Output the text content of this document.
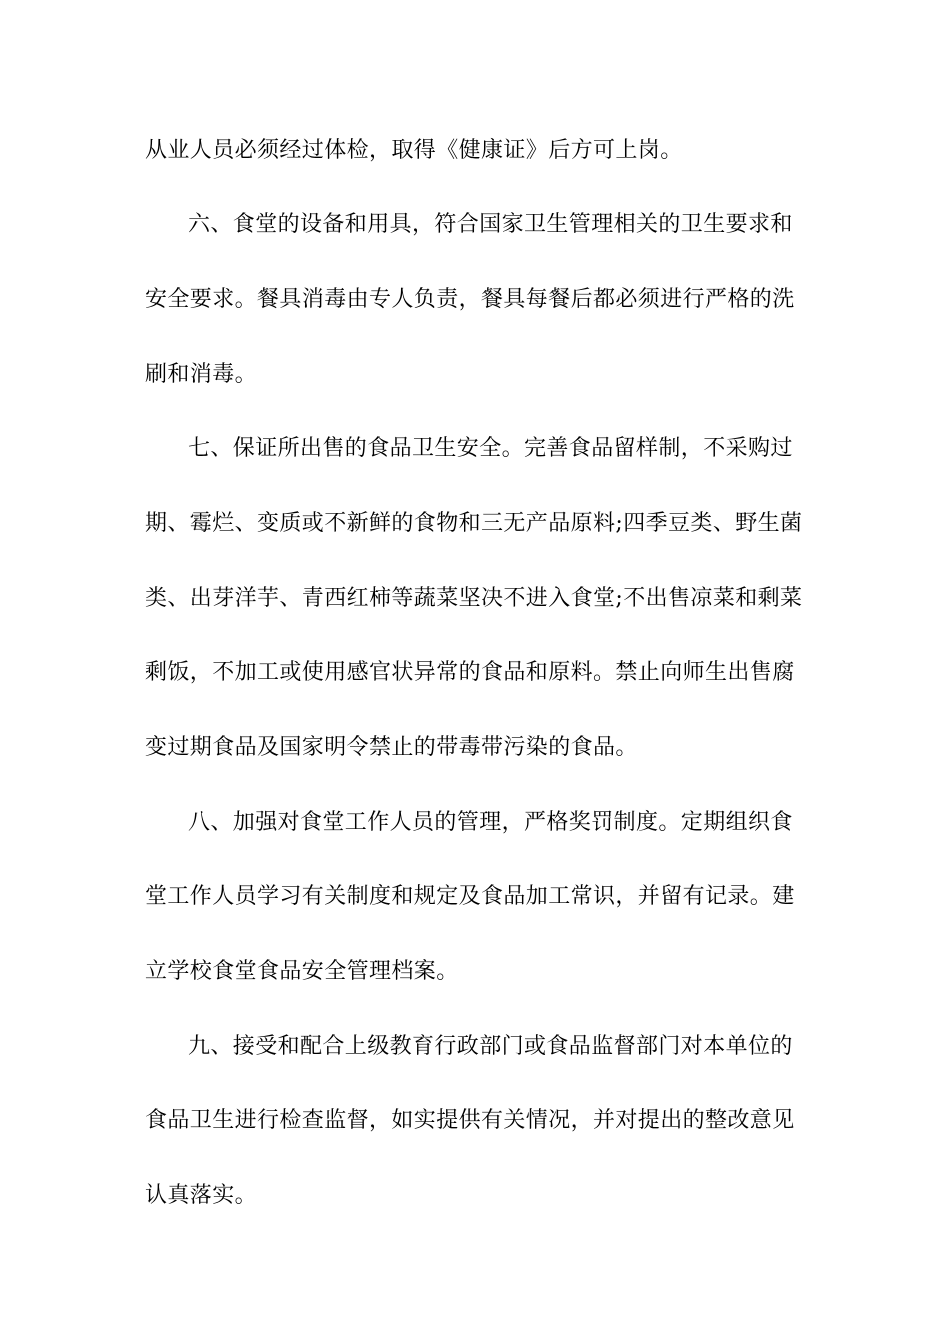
从业人员必须经过体检，取得《健康证》后方可上岗。
六、食堂的设备和用具，符合国家卫生管理相关的卫生要求和
安全要求。餐具消毒由专人负责，餐具每餐后都必须进行严格的洗
刷和消毒。
七、保证所出售的食品卫生安全。完善食品留样制，不采购过
期、霉烂、变质或不新鲜的食物和三无产品原料;四季豆类、野生菌
类、出芽洋芋、青西红柿等蔬菜坚决不进入食堂;不出售凉菜和剩菜
剩饭，不加工或使用感官状异常的食品和原料。禁止向师生出售腐
变过期食品及国家明令禁止的带毒带污染的食品。
八、加强对食堂工作人员的管理，严格奖罚制度。定期组织食
堂工作人员学习有关制度和规定及食品加工常识，并留有记录。建
立学校食堂食品安全管理档案。
九、接受和配合上级教育行政部门或食品监督部门对本单位的
食品卫生进行检查监督，如实提供有关情况，并对提出的整改意见
认真落实。
